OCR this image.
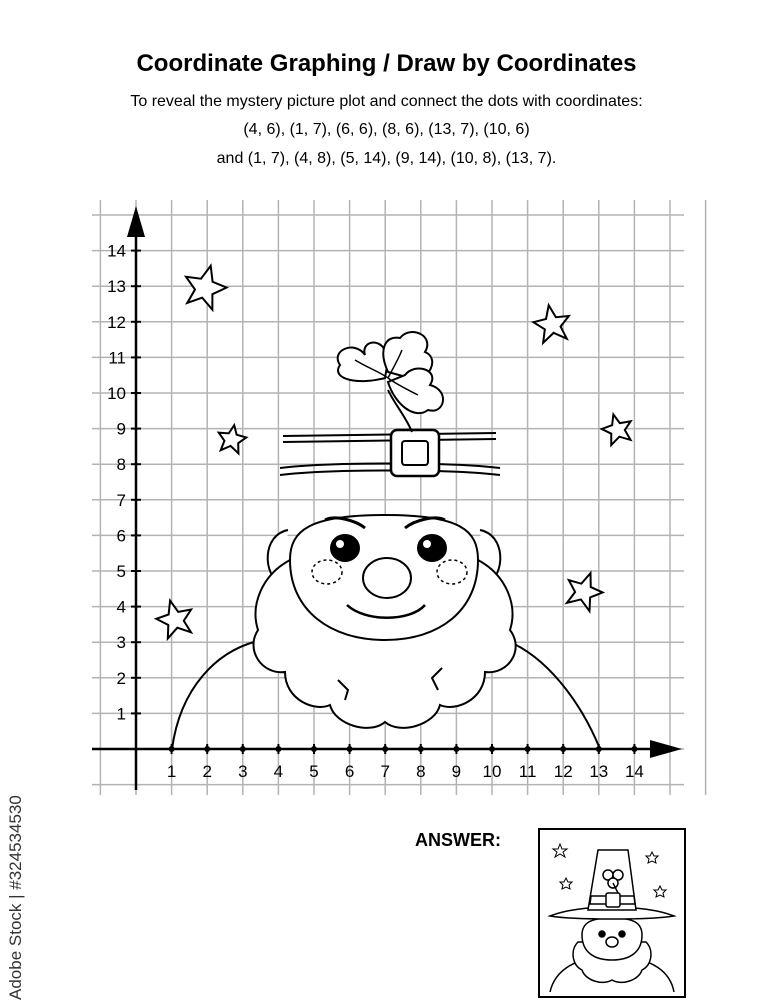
Coordinate Graphing / Draw by Coordinates
To reveal the mystery picture plot and connect the dots with coordinates:
(4, 6), (1, 7), (6, 6), (8, 6), (13, 7), (10, 6)
and (1, 7), (4, 8), (5, 14), (9, 14), (10, 8), (13, 7).
1 2 3 4 5 6 7 8 9 10 11 12 13 14
1
2
3
4
5
6
7
8
9
10
11
12
13
14
ANSWER:
Adobe Stock | #324534530
